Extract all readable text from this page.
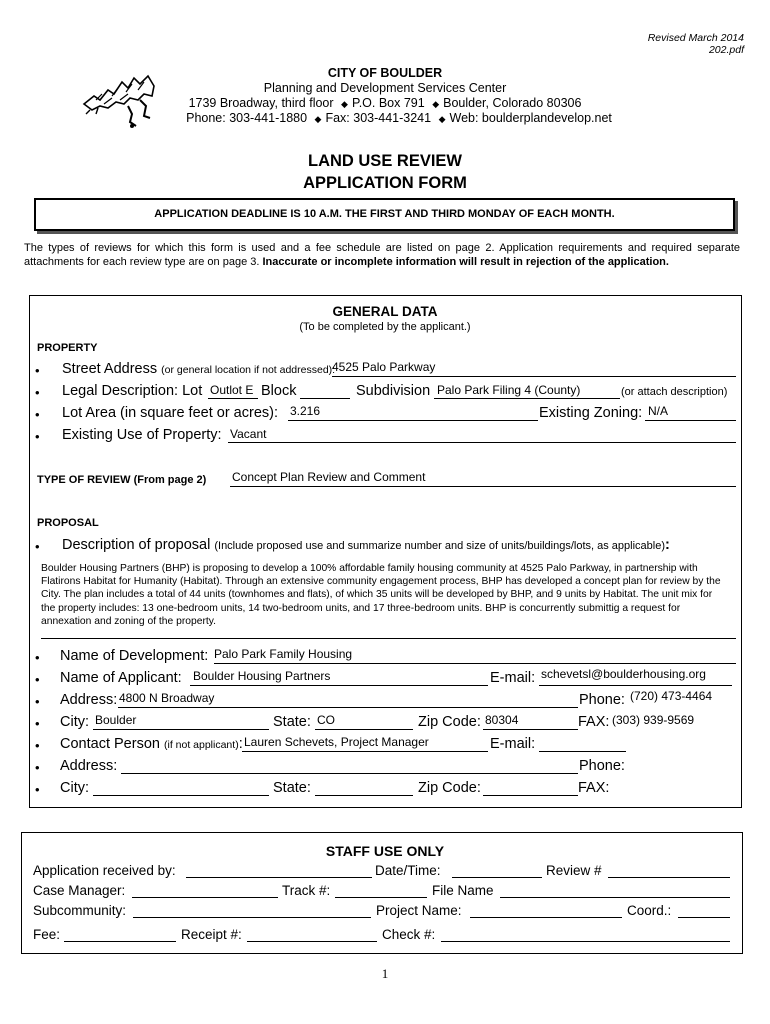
Revised March 2014
202.pdf
CITY OF BOULDER
Planning and Development Services Center
1739 Broadway, third floor ◆ P.O. Box 791 ◆ Boulder, Colorado 80306
Phone: 303-441-1880 ◆ Fax: 303-441-3241 ◆ Web: boulderplandevelop.net
LAND USE REVIEW
APPLICATION FORM
APPLICATION DEADLINE IS 10 A.M. THE FIRST AND THIRD MONDAY OF EACH MONTH.
The types of reviews for which this form is used and a fee schedule are listed on page 2. Application requirements and required separate attachments for each review type are on page 3. Inaccurate or incomplete information will result in rejection of the application.
GENERAL DATA
(To be completed by the applicant.)
PROPERTY
• Street Address (or general location if not addressed):
4525 Palo Parkway
• Legal Description: Lot Outlot E Block	Subdivision Palo Park Filing 4 (County)	(or attach description)
• Lot Area (in square feet or acres): 3.216	Existing Zoning: N/A
• Existing Use of Property: Vacant
TYPE OF REVIEW (From page 2) Concept Plan Review and Comment
PROPOSAL
• Description of proposal (Include proposed use and summarize number and size of units/buildings/lots, as applicable):
Boulder Housing Partners (BHP) is proposing to develop a 100% affordable family housing community at 4525 Palo Parkway, in partnership with Flatirons Habitat for Humanity (Habitat). Through an extensive community engagement process, BHP has developed a concept plan for review by the City. The plan includes a total of 44 units (townhomes and flats), of which 35 units will be developed by BHP, and 9 units by Habitat. The unit mix for the property includes: 13 one-bedroom units, 14 two-bedroom units, and 17 three-bedroom units. BHP is concurrently submittig a request for annexation and zoning of the property.
• Name of Development: Palo Park Family Housing
• Name of Applicant: Boulder Housing Partners	E-mail: schevetsl@boulderhousing.org
• Address: 4800 N Broadway	Phone: (720) 473-4464
• City: Boulder	State: CO	Zip Code: 80304	FAX: (303) 939-9569
• Contact Person (if not applicant): Lauren Schevets, Project Manager	E-mail:
• Address:	Phone:
• City:	State:	Zip Code:	FAX:
STAFF USE ONLY
Application received by:	Date/Time:	Review #
Case Manager:	Track #:	File Name
Subcommunity:	Project Name:	Coord.:
Fee:	Receipt #:	Check #:
1
